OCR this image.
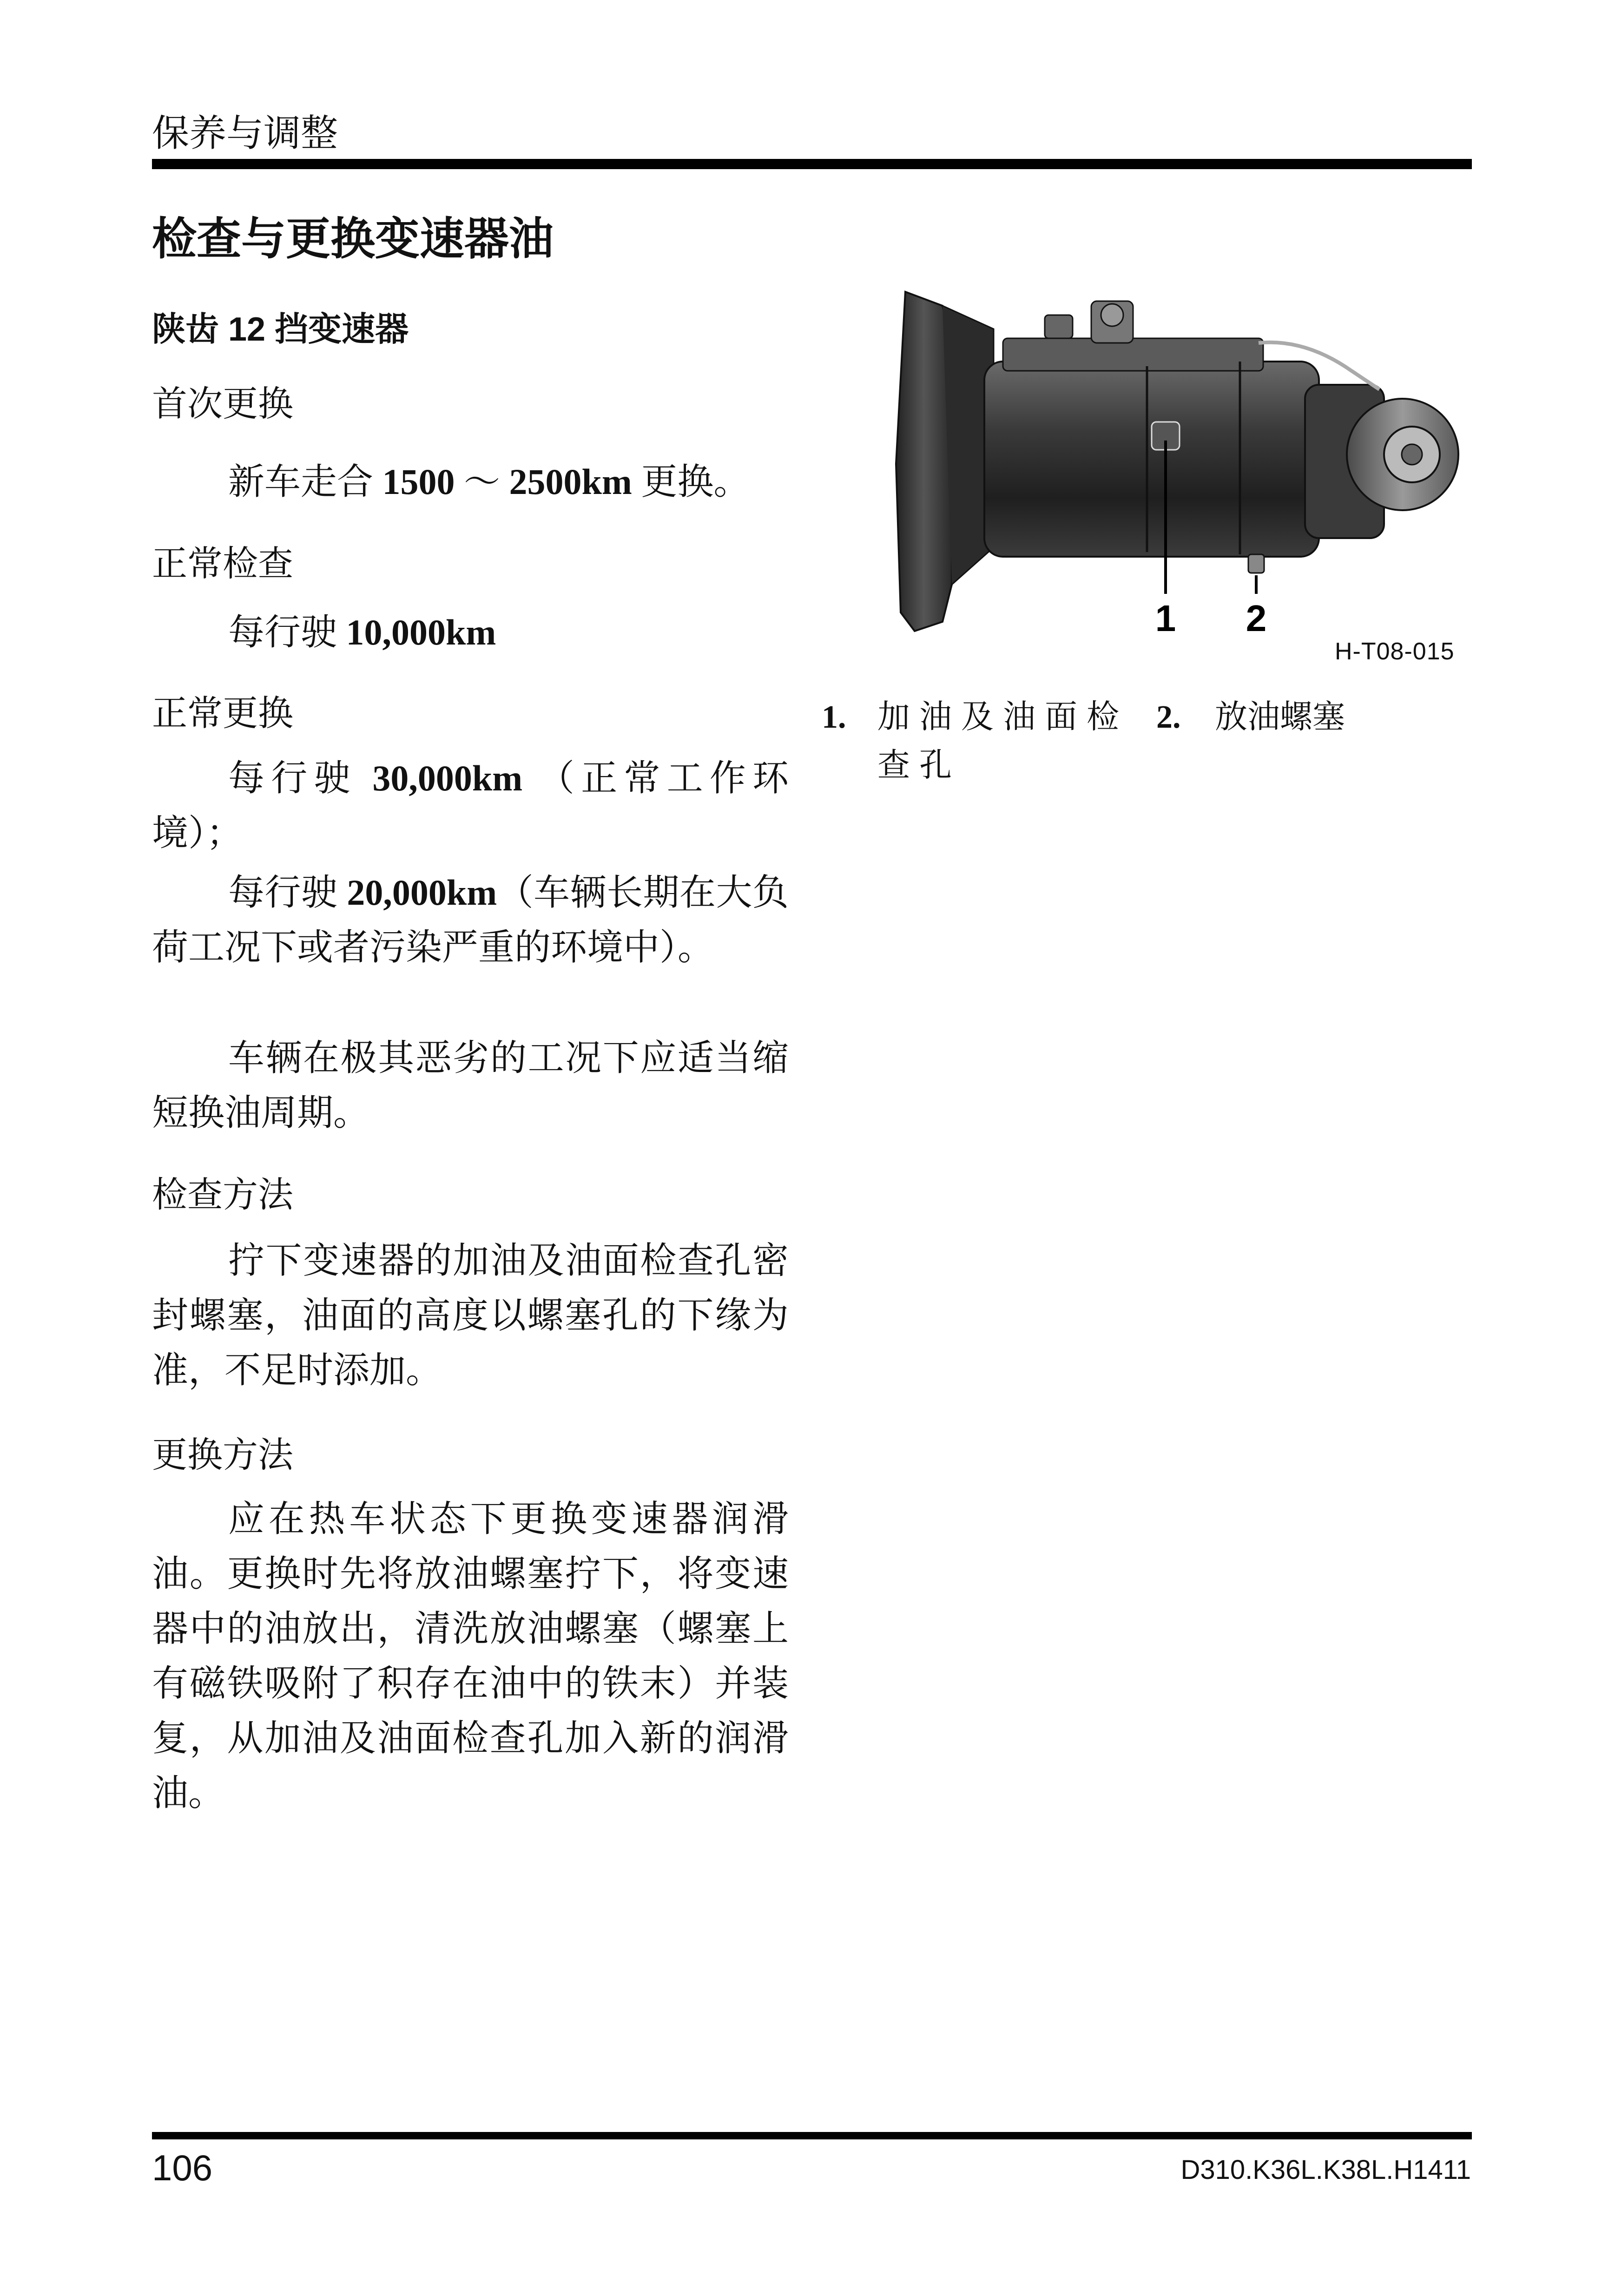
保养与调整
检查与更换变速器油
陕齿 12 挡变速器
首次更换
新车走合 1500 ～ 2500km 更换。
正常检查
每行驶 10,000km
正常更换
每行驶 30,000km （正常工作环境）；
每行驶 20,000km（车辆长期在大负荷工况下或者污染严重的环境中）。
车辆在极其恶劣的工况下应适当缩短换油周期。
检查方法
拧下变速器的加油及油面检查孔密封螺塞，油面的高度以螺塞孔的下缘为准，不足时添加。
更换方法
应在热车状态下更换变速器润滑油。更换时先将放油螺塞拧下，将变速器中的油放出，清洗放油螺塞（螺塞上有磁铁吸附了积存在油中的铁末）并装复，从加油及油面检查孔加入新的润滑油。
1 2
H-T08-015
1. 加油及油面检查孔
2.	放油螺塞
106	D310.K36L.K38L.H1411
